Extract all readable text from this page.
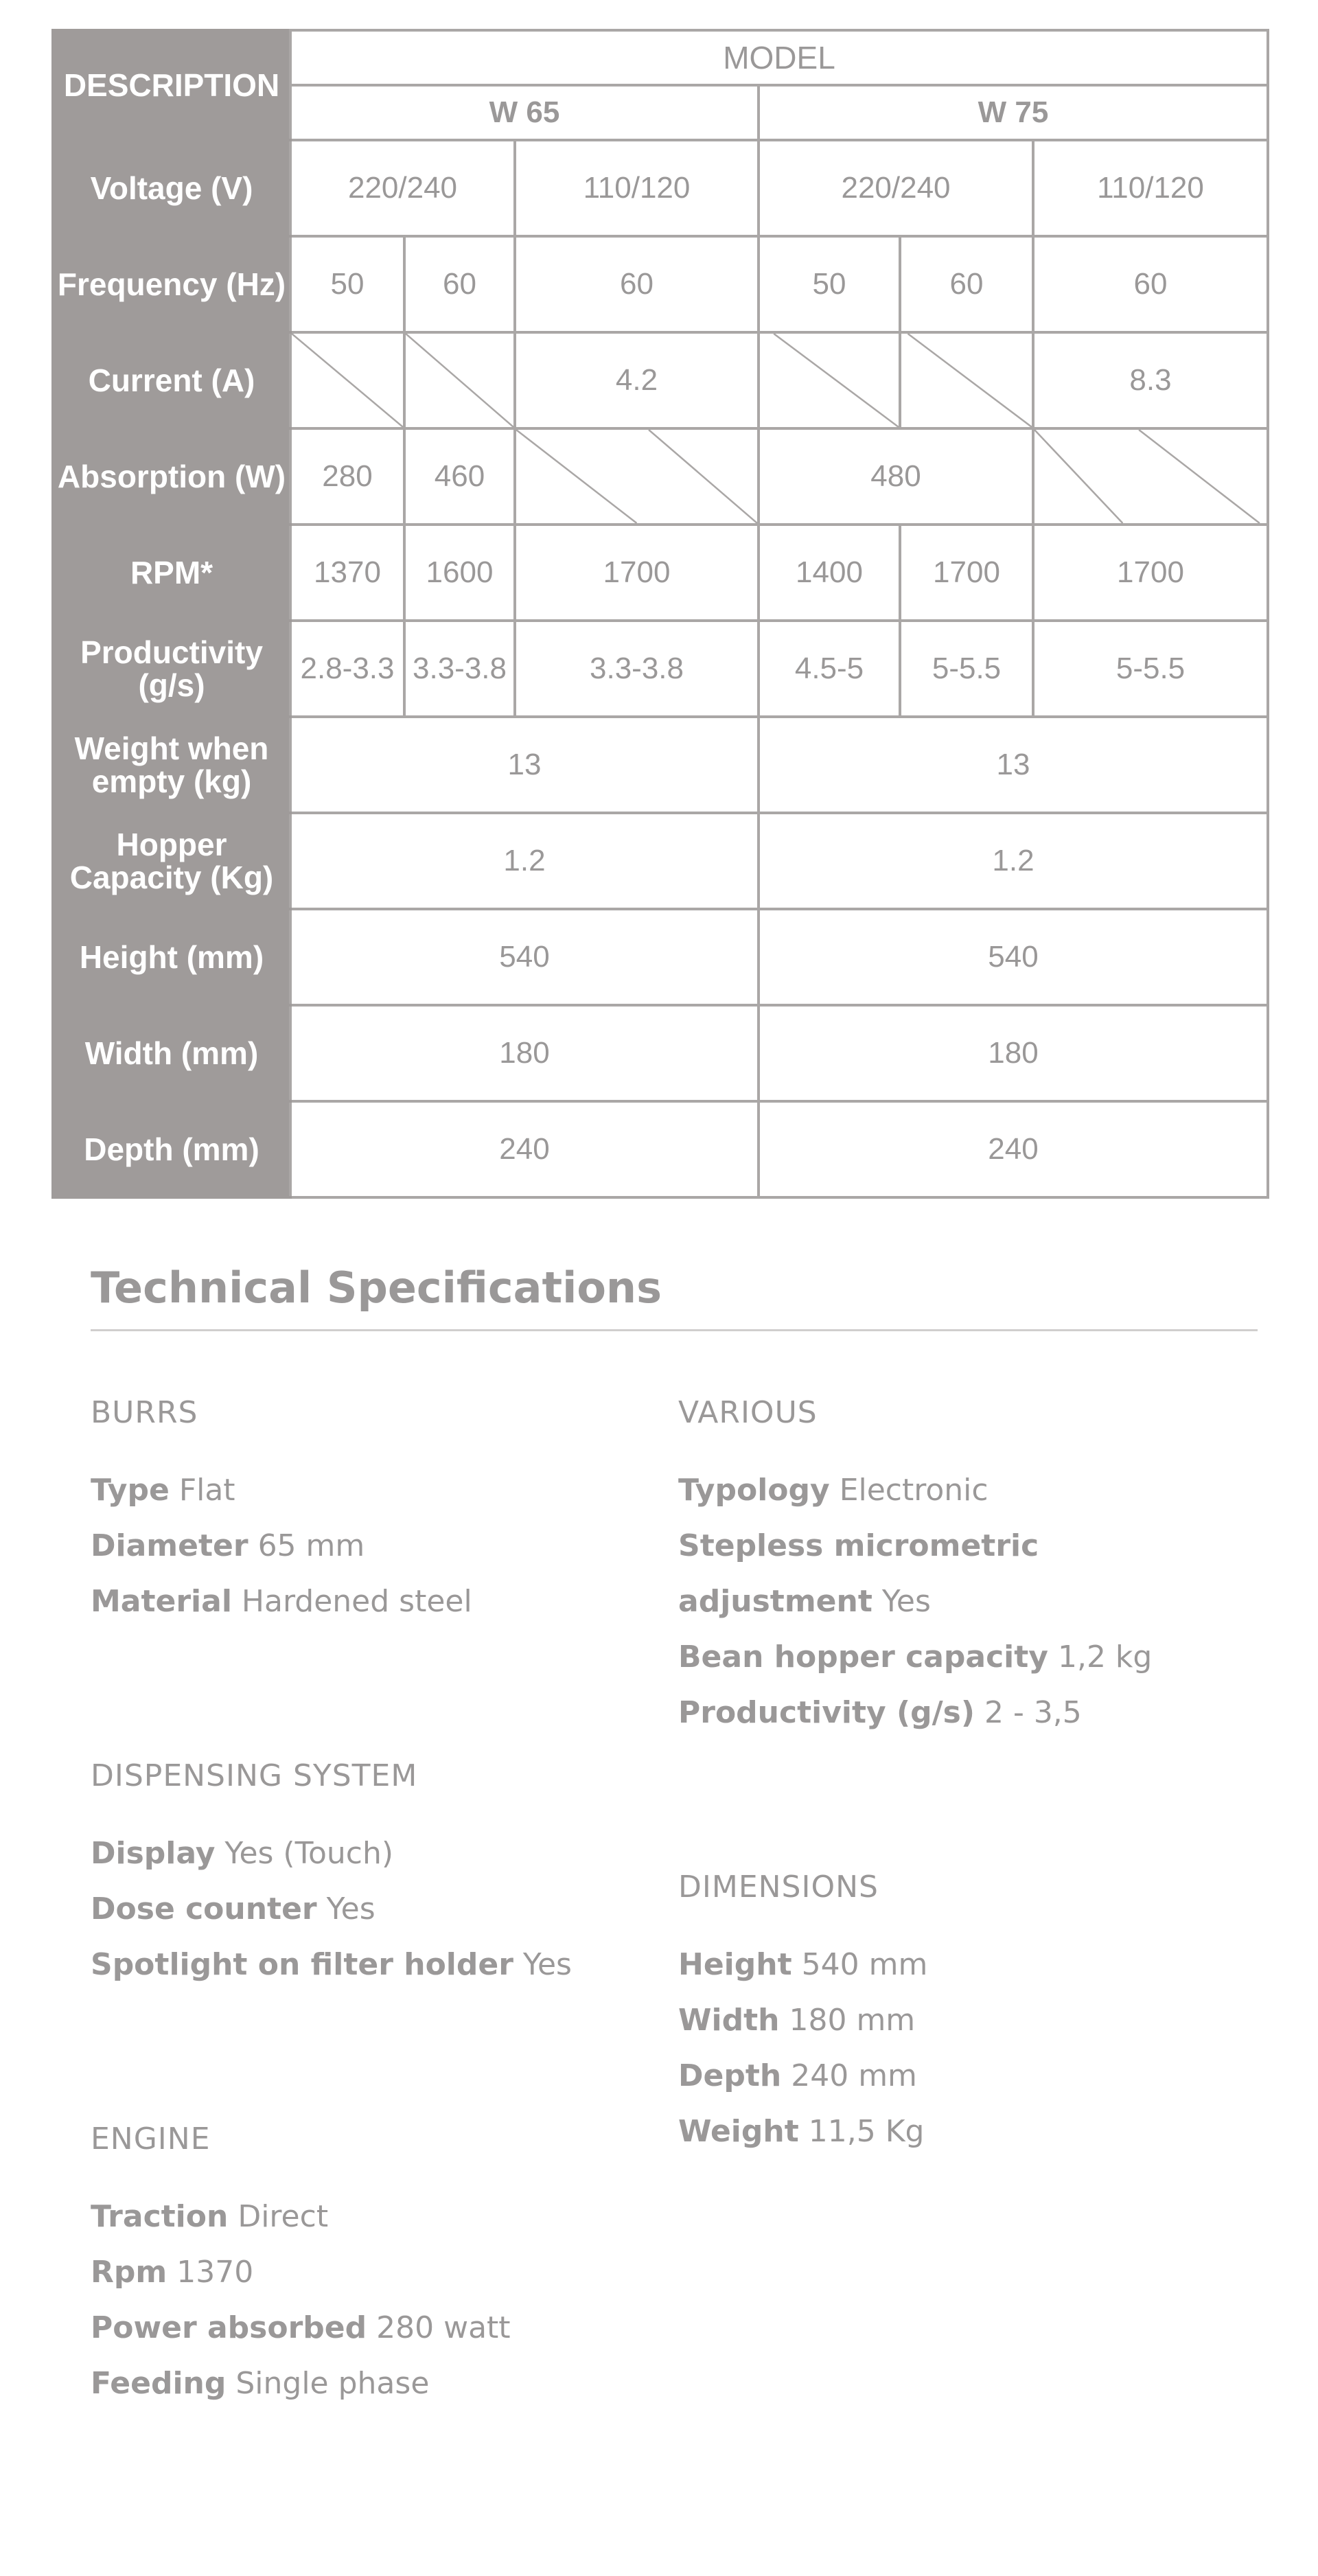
DESCRIPTION	MODEL					
	W 65			W 75		
Voltage (V)	220/240		110/120	220/240		110/120
Frequency (Hz)	50	60	60	50	60	60
Current (A)			4.2			8.3
Absorption (W)	280	460		480	

RPM*	1370	1600	1700	1400	1700	1700
Productivity (g/s)	2.8-3.3	3.3-3.8	3.3-3.8	4.5-5	5-5.5	5-5.5
Weight when empty (kg)	13			13		
Hopper Capacity (Kg)	1.2			1.2		
Height (mm)	540			540		
Width (mm)	180			180		
Depth (mm)	240			240		
Technical Specifications
BURRS
Type Flat
Diameter 65 mm
Material Hardened steel
DISPENSING SYSTEM
Display Yes (Touch)
Dose counter Yes
Spotlight on filter holder Yes
ENGINE
Traction Direct
Rpm 1370
Power absorbed 280 watt
Feeding Single phase
VARIOUS
Typology Electronic
Stepless micrometric adjustment Yes
Bean hopper capacity 1,2 kg
Productivity (g/s) 2 - 3,5
DIMENSIONS
Height 540 mm
Width 180 mm
Depth 240 mm
Weight 11,5 Kg
